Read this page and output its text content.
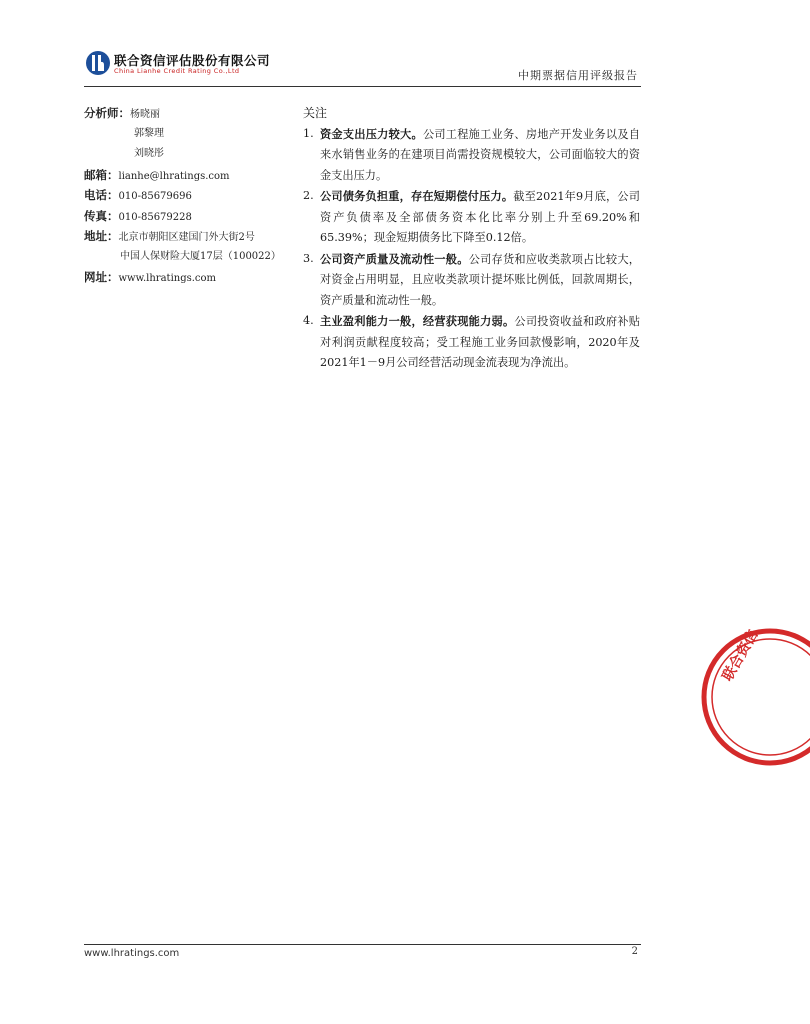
联合资信评估股份有限公司
China Lianhe Credit Rating Co.,Ltd	中期票据信用评级报告
分析师：杨晓丽
郭黎理
刘晓彤
邮箱：lianhe@lhratings.com
电话：010-85679696
传真：010-85679228
地址：北京市朝阳区建国门外大街2号
中国人保财险大厦17层（100022）
网址：www.lhratings.com
关注
1. 资金支出压力较大。公司工程施工业务、房地产开发业务以及自来水销售业务的在建项目尚需投资规模较大，公司面临较大的资金支出压力。
2. 公司债务负担重，存在短期偿付压力。截至2021年9月底，公司资产负债率及全部债务资本化比率分别上升至69.20%和65.39%；现金短期债务比下降至0.12倍。
3. 公司资产质量及流动性一般。公司存货和应收类款项占比较大，对资金占用明显，且应收类款项计提坏账比例低，回款周期长，资产质量和流动性一般。
4. 主业盈利能力一般，经营获现能力弱。公司投资收益和政府补贴对利润贡献程度较高；受工程施工业务回款慢影响，2020年及2021年1－9月公司经营活动现金流表现为净流出。
联合资信
1
www.lhratings.com	2
